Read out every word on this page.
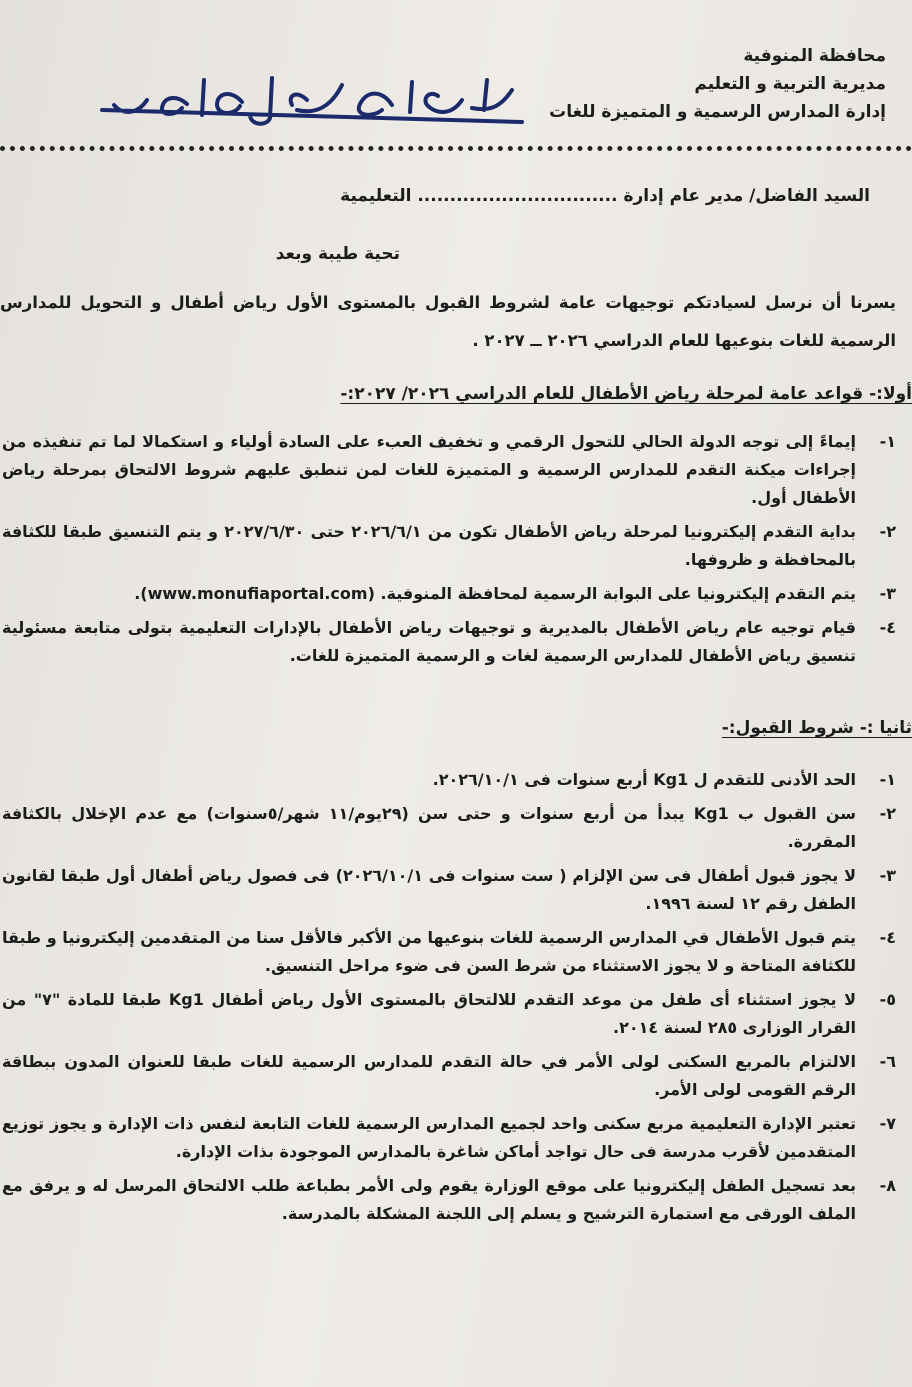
محافظة المنوفية
مديرية التربية و التعليم
إدارة المدارس الرسمية و المتميزة للغات
السيد الفاضل/ مدير عام إدارة ............................... التعليمية
تحية طيبة وبعد
يسرنا أن نرسل لسيادتكم توجيهات عامة لشروط القبول بالمستوى الأول رياض أطفال و التحويل للمدارس الرسمية للغات بنوعيها للعام الدراسي ٢٠٢٦ ــ ٢٠٢٧ .
أولا:- قواعد عامة لمرحلة رياض الأطفال للعام الدراسي ٢٠٢٦/ ٢٠٢٧:-
١-
إيماءً إلى توجه الدولة الحالي للتحول الرقمي و تخفيف العبء على السادة أولياء و استكمالا لما تم تنفيذه من إجراءات ميكنة التقدم للمدارس الرسمية و المتميزة للغات لمن تنطبق عليهم شروط الالتحاق بمرحلة رياض الأطفال أول.
٢-
بداية التقدم إليكترونيا لمرحلة رياض الأطفال تكون من ٢٠٢٦/٦/١ حتى ٢٠٢٧/٦/٣٠ و يتم التنسيق طبقا للكثافة بالمحافظة و ظروفها.
٣-
يتم التقدم إليكترونيا على البوابة الرسمية لمحافظة المنوفية. (www.monufiaportal.com).
٤-
قيام توجيه عام رياض الأطفال بالمديرية و توجيهات رياض الأطفال بالإدارات التعليمية بتولى متابعة مسئولية تنسيق رياض الأطفال للمدارس الرسمية لغات و الرسمية المتميزة للغات.
ثانيا :- شروط القبول:-
١-
الحد الأدنى للتقدم ل Kg1 أربع سنوات فى ٢٠٢٦/١٠/١.
٢-
سن القبول ب Kg1 يبدأ من أربع سنوات و حتى سن (٢٩يوم/١١ شهر/٥سنوات) مع عدم الإخلال بالكثافة المقررة.
٣-
لا يجوز قبول أطفال فى سن الإلزام ( ست سنوات فى ٢٠٢٦/١٠/١) فى فصول رياض أطفال أول طبقا لقانون الطفل رقم ١٢ لسنة ١٩٩٦.
٤-
يتم قبول الأطفال في المدارس الرسمية للغات بنوعيها من الأكبر فالأقل سنا من المتقدمين إليكترونيا و طبقا للكثافة المتاحة و لا يجوز الاستثناء من شرط السن فى ضوء مراحل التنسيق.
٥-
لا يجوز استثناء أى طفل من موعد التقدم للالتحاق بالمستوى الأول رياض أطفال Kg1 طبقا للمادة "٧" من القرار الوزارى ٢٨٥ لسنة ٢٠١٤.
٦-
الالتزام بالمربع السكنى لولى الأمر في حالة التقدم للمدارس الرسمية للغات طبقا للعنوان المدون ببطاقة الرقم القومى لولى الأمر.
٧-
تعتبر الإدارة التعليمية مربع سكنى واحد لجميع المدارس الرسمية للغات التابعة لنفس ذات الإدارة و يجوز توزيع المتقدمين لأقرب مدرسة فى حال تواجد أماكن شاغرة بالمدارس الموجودة بذات الإدارة.
٨-
بعد تسجيل الطفل إليكترونيا على موقع الوزارة يقوم ولى الأمر بطباعة طلب الالتحاق المرسل له و يرفق مع الملف الورقى مع استمارة الترشيح و يسلم إلى اللجنة المشكلة بالمدرسة.
